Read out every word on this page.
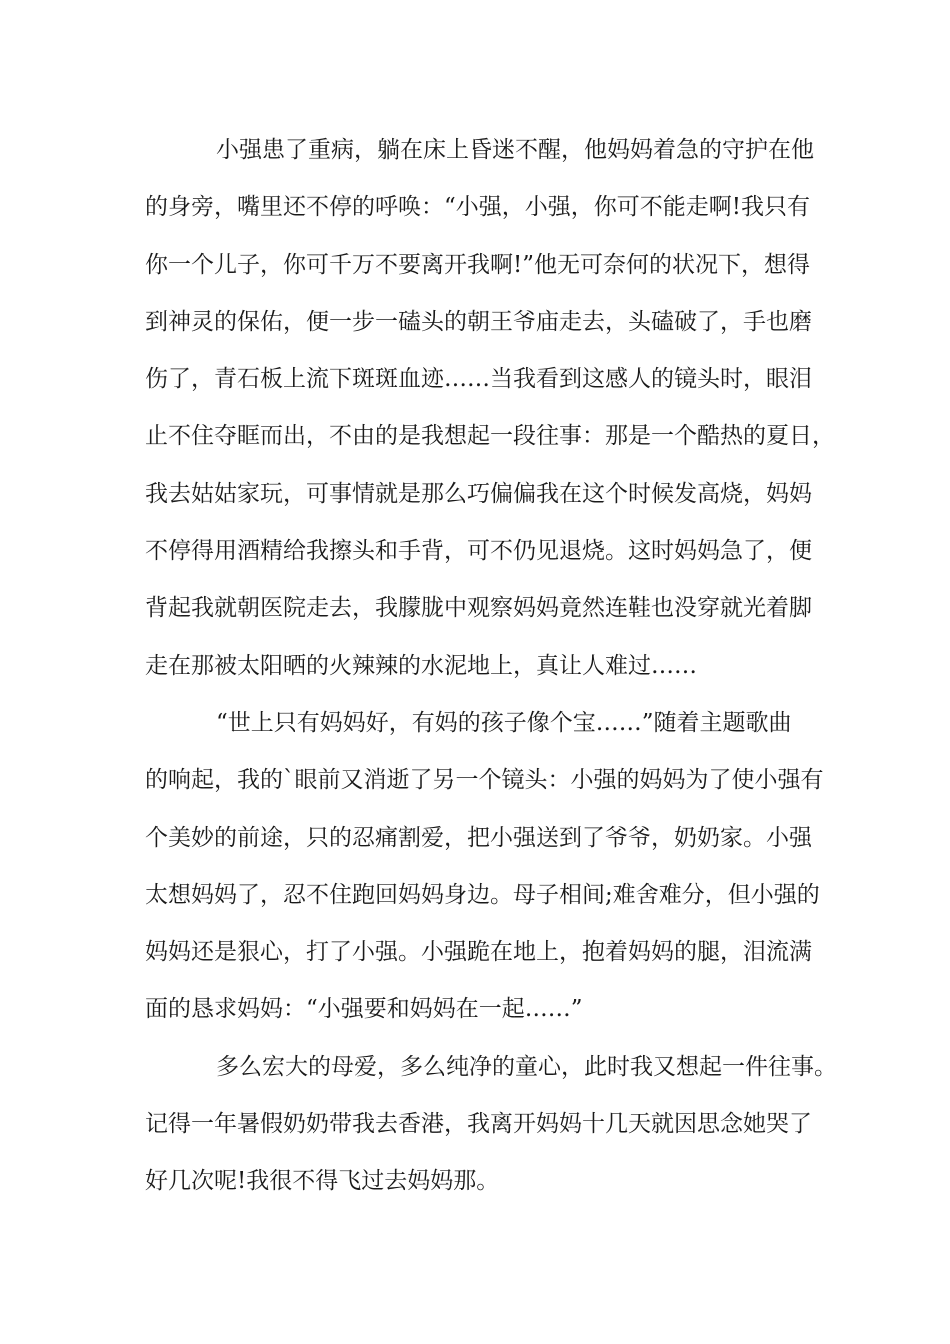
小强患了重病，躺在床上昏迷不醒，他妈妈着急的守护在他
的身旁，嘴里还不停的呼唤：“小强，小强，你可不能走啊!我只有
你一个儿子，你可千万不要离开我啊!”他无可奈何的状况下，想得
到神灵的保佑，便一步一磕头的朝王爷庙走去，头磕破了，手也磨
伤了，青石板上流下斑斑血迹……当我看到这感人的镜头时，眼泪
止不住夺眶而出，不由的是我想起一段往事：那是一个酷热的夏日，
我去姑姑家玩，可事情就是那么巧偏偏我在这个时候发高烧，妈妈
不停得用酒精给我擦头和手背，可不仍见退烧。这时妈妈急了，便
背起我就朝医院走去，我朦胧中观察妈妈竟然连鞋也没穿就光着脚
走在那被太阳晒的火辣辣的水泥地上，真让人难过……
“世上只有妈妈好，有妈的孩子像个宝……”随着主题歌曲
的响起，我的`眼前又消逝了另一个镜头：小强的妈妈为了使小强有
个美妙的前途，只的忍痛割爱，把小强送到了爷爷，奶奶家。小强
太想妈妈了，忍不住跑回妈妈身边。母子相间;难舍难分，但小强的
妈妈还是狠心，打了小强。小强跪在地上，抱着妈妈的腿，泪流满
面的恳求妈妈：“小强要和妈妈在一起……”
多么宏大的母爱，多么纯净的童心，此时我又想起一件往事。
记得一年暑假奶奶带我去香港，我离开妈妈十几天就因思念她哭了
好几次呢!我很不得飞过去妈妈那。
